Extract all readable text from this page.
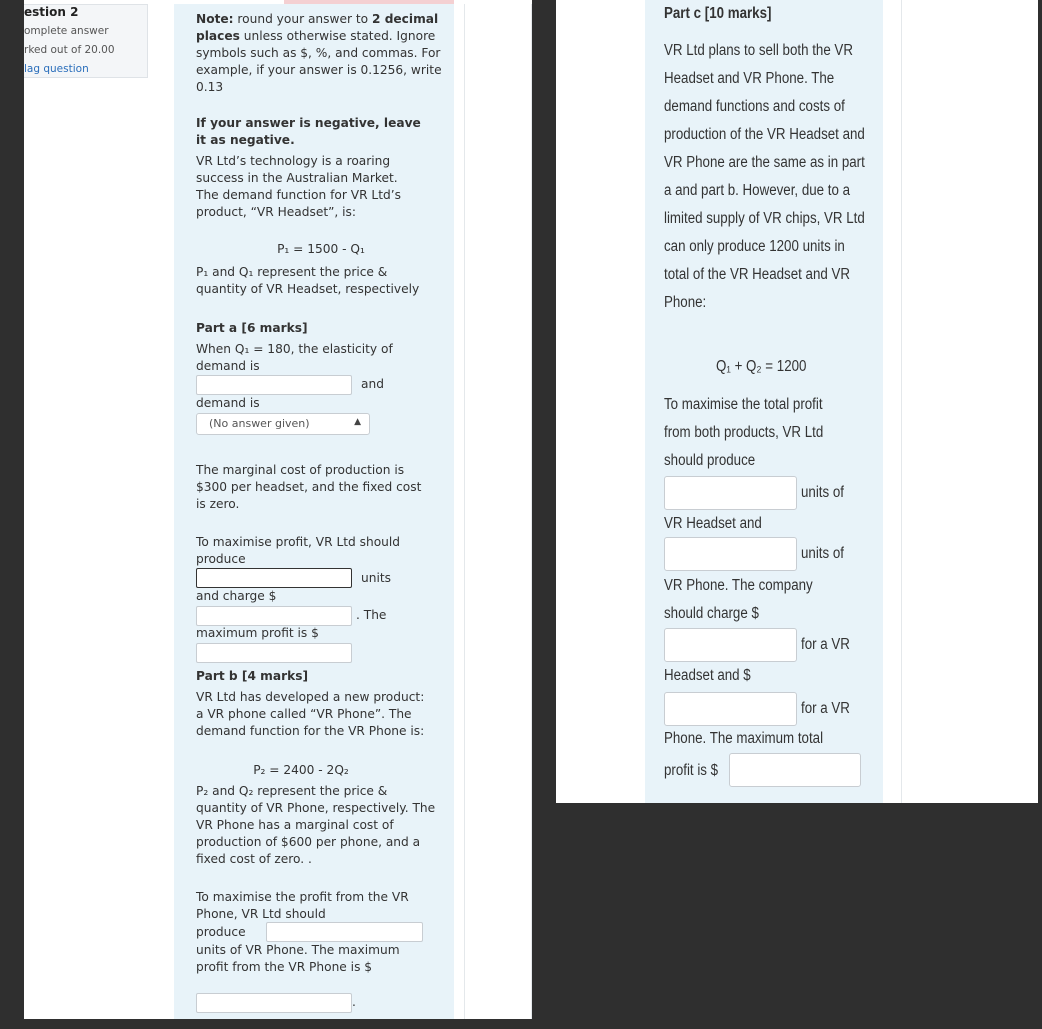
estion 2
omplete answer
rked out of 20.00
lag question
Note: round your answer to 2 decimal places unless otherwise stated. Ignore symbols such as $, %, and commas. For example, if your answer is 0.1256, write 0.13
If your answer is negative, leave it as negative.
VR Ltd’s technology is a roaring success in the Australian Market. The demand function for VR Ltd’s product, “VR Headset”, is:
P₁ = 1500 - Q₁
P₁ and Q₁ represent the price & quantity of VR Headset, respectively
Part a [6 marks]
When Q₁ = 180, the elasticity of demand is
and
demand is
(No answer given)	▲

The marginal cost of production is $300 per headset, and the fixed cost is zero.
To maximise profit, VR Ltd should produce
units
and charge $
. The
maximum profit is $
Part b [4 marks]
VR Ltd has developed a new product: a VR phone called “VR Phone”. The demand function for the VR Phone is:
P₂ = 2400 - 2Q₂
P₂ and Q₂ represent the price & quantity of VR Phone, respectively. The VR Phone has a marginal cost of production of $600 per phone, and a fixed cost of zero. .
To maximise the profit from the VR Phone, VR Ltd should
produce
units of VR Phone. The maximum profit from the VR Phone is $
.
Part c [10 marks]
VR Ltd plans to sell both the VR Headset and VR Phone. The demand functions and costs of production of the VR Headset and VR Phone are the same as in part a and part b. However, due to a limited supply of VR chips, VR Ltd can only produce 1200 units in total of the VR Headset and VR Phone:
Q₁ + Q₂ = 1200
To maximise the total profit from both products, VR Ltd should produce
units of
VR Headset and
units of
VR Phone. The company should charge $
for a VR
Headset and $
for a VR
Phone. The maximum total
profit is $
